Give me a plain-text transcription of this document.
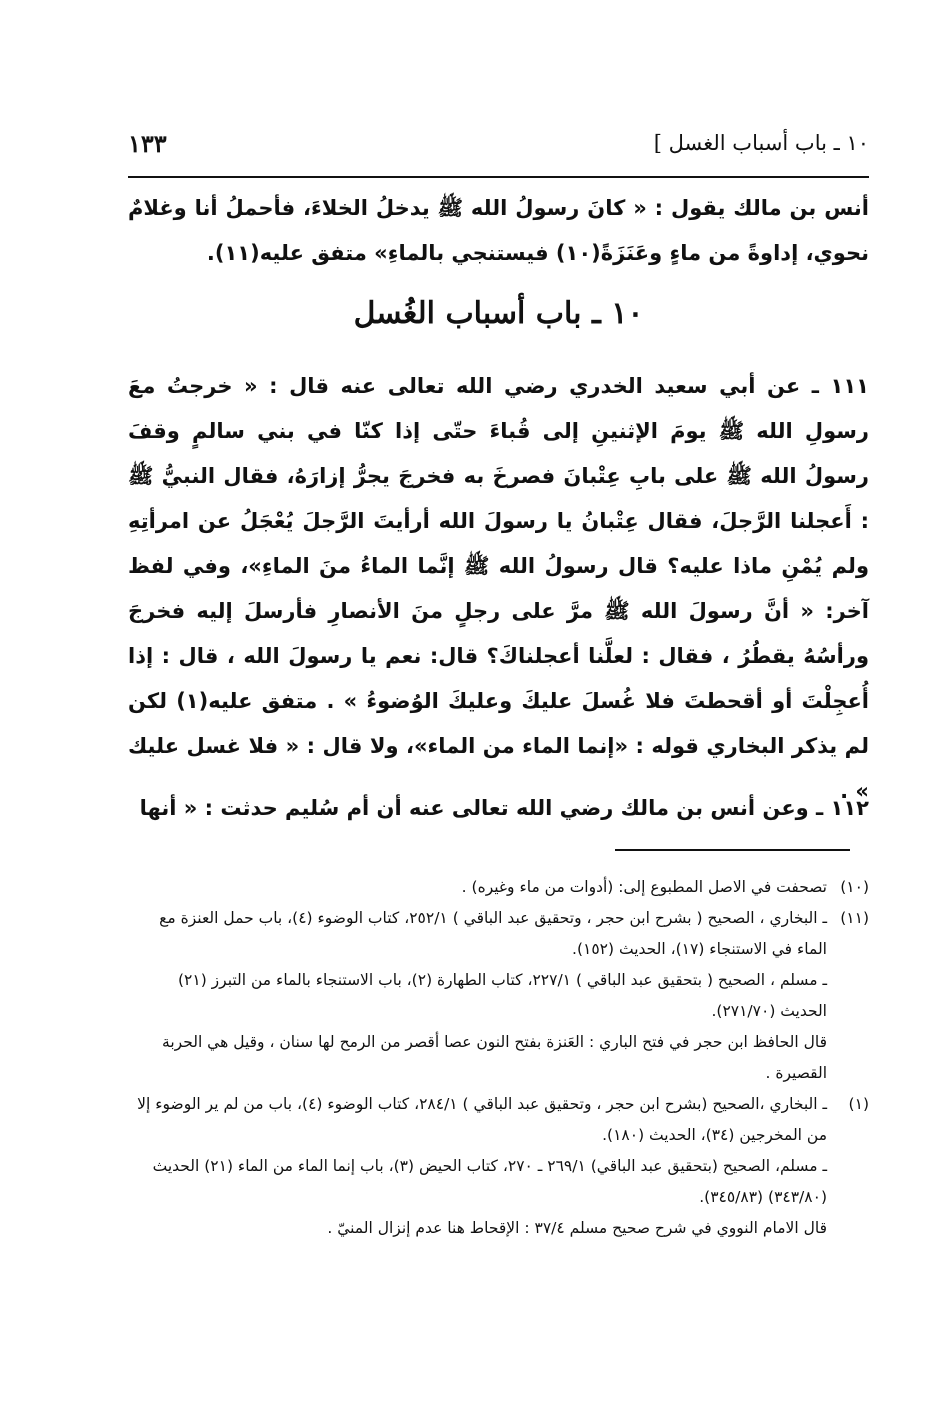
١٠ ـ باب أسباب الغسل ]
١٣٣
أنس بن مالك يقول : « كانَ رسولُ الله ﷺ يدخلُ الخلاءَ، فأحملُ أنا وغلامٌ نحوي، إداوةً من ماءٍ وعَنَزَةً(١٠) فيستنجي بالماءِ» متفق عليه(١١).
١٠ ـ باب أسباب الغُسل
١١١ ـ عن أبي سعيد الخدري رضي الله تعالى عنه قال : « خرجتُ معَ رسولِ الله ﷺ يومَ الإثنينِ إلى قُباءَ حتّى إذا كنّا في بني سالمٍ وقفَ رسولُ الله ﷺ على بابِ عِتْبانَ فصرخَ به فخرجَ يجرُّ إزارَهُ، فقال النبيُّ ﷺ : أَعجلنا الرَّجلَ، فقال عِتْبانُ يا رسولَ الله أرأيتَ الرَّجلَ يُعْجَلُ عن امرأتِهِ ولم يُمْنِ ماذا عليه؟ قال رسولُ الله ﷺ إنَّما الماءُ منَ الماءِ»، وفي لفظ آخر: « أنَّ رسولَ الله ﷺ مرَّ على رجلٍ منَ الأنصارِ فأرسلَ إليه فخرجَ ورأسُهُ يقطُرُ ، فقال : لعلَّنا أعجلناكَ؟ قال: نعم يا رسولَ الله ، قال : إذا أُعجِلْتَ أو أقحطتَ فلا غُسلَ عليكَ وعليكَ الوُضوءُ » . متفق عليه(١) لكن لم يذكر البخاري قوله : «إنما الماء من الماء»، ولا قال : « فلا غسل عليك » .
١١٢ ـ وعن أنس بن مالك رضي الله تعالى عنه أن أم سُليم حدثت : « أنها
(١٠)
تصحفت في الاصل المطبوع إلى: (أدوات من ماء وغيره) .
(١١)
ـ البخاري ، الصحيح ( بشرح ابن حجر ، وتحقيق عبد الباقي ) ٢٥٢/١، كتاب الوضوء (٤)، باب حمل العنزة مع الماء في الاستنجاء (١٧)، الحديث (١٥٢).
ـ مسلم ، الصحيح ( بتحقيق عبد الباقي ) ٢٢٧/١، كتاب الطهارة (٢)، باب الاستنجاء بالماء من التبرز (٢١) الحديث (٢٧١/٧٠).
قال الحافظ ابن حجر في فتح الباري : العَنزة بفتح النون عصا أقصر من الرمح لها سنان ، وقيل هي الحربة القصيرة .
(١)
ـ البخاري ،الصحيح (بشرح ابن حجر ، وتحقيق عبد الباقي ) ٢٨٤/١، كتاب الوضوء (٤)، باب من لم ير الوضوء إلا من المخرجين (٣٤)، الحديث (١٨٠).
ـ مسلم، الصحيح (بتحقيق عبد الباقي) ٢٦٩/١ ـ ٢٧٠، كتاب الحيض (٣)، باب إنما الماء من الماء (٢١) الحديث (٣٤٣/٨٠) (٣٤٥/٨٣).
قال الامام النووي في شرح صحيح مسلم ٣٧/٤ : الإقحاط هنا عدم إنزال المنيّ .
